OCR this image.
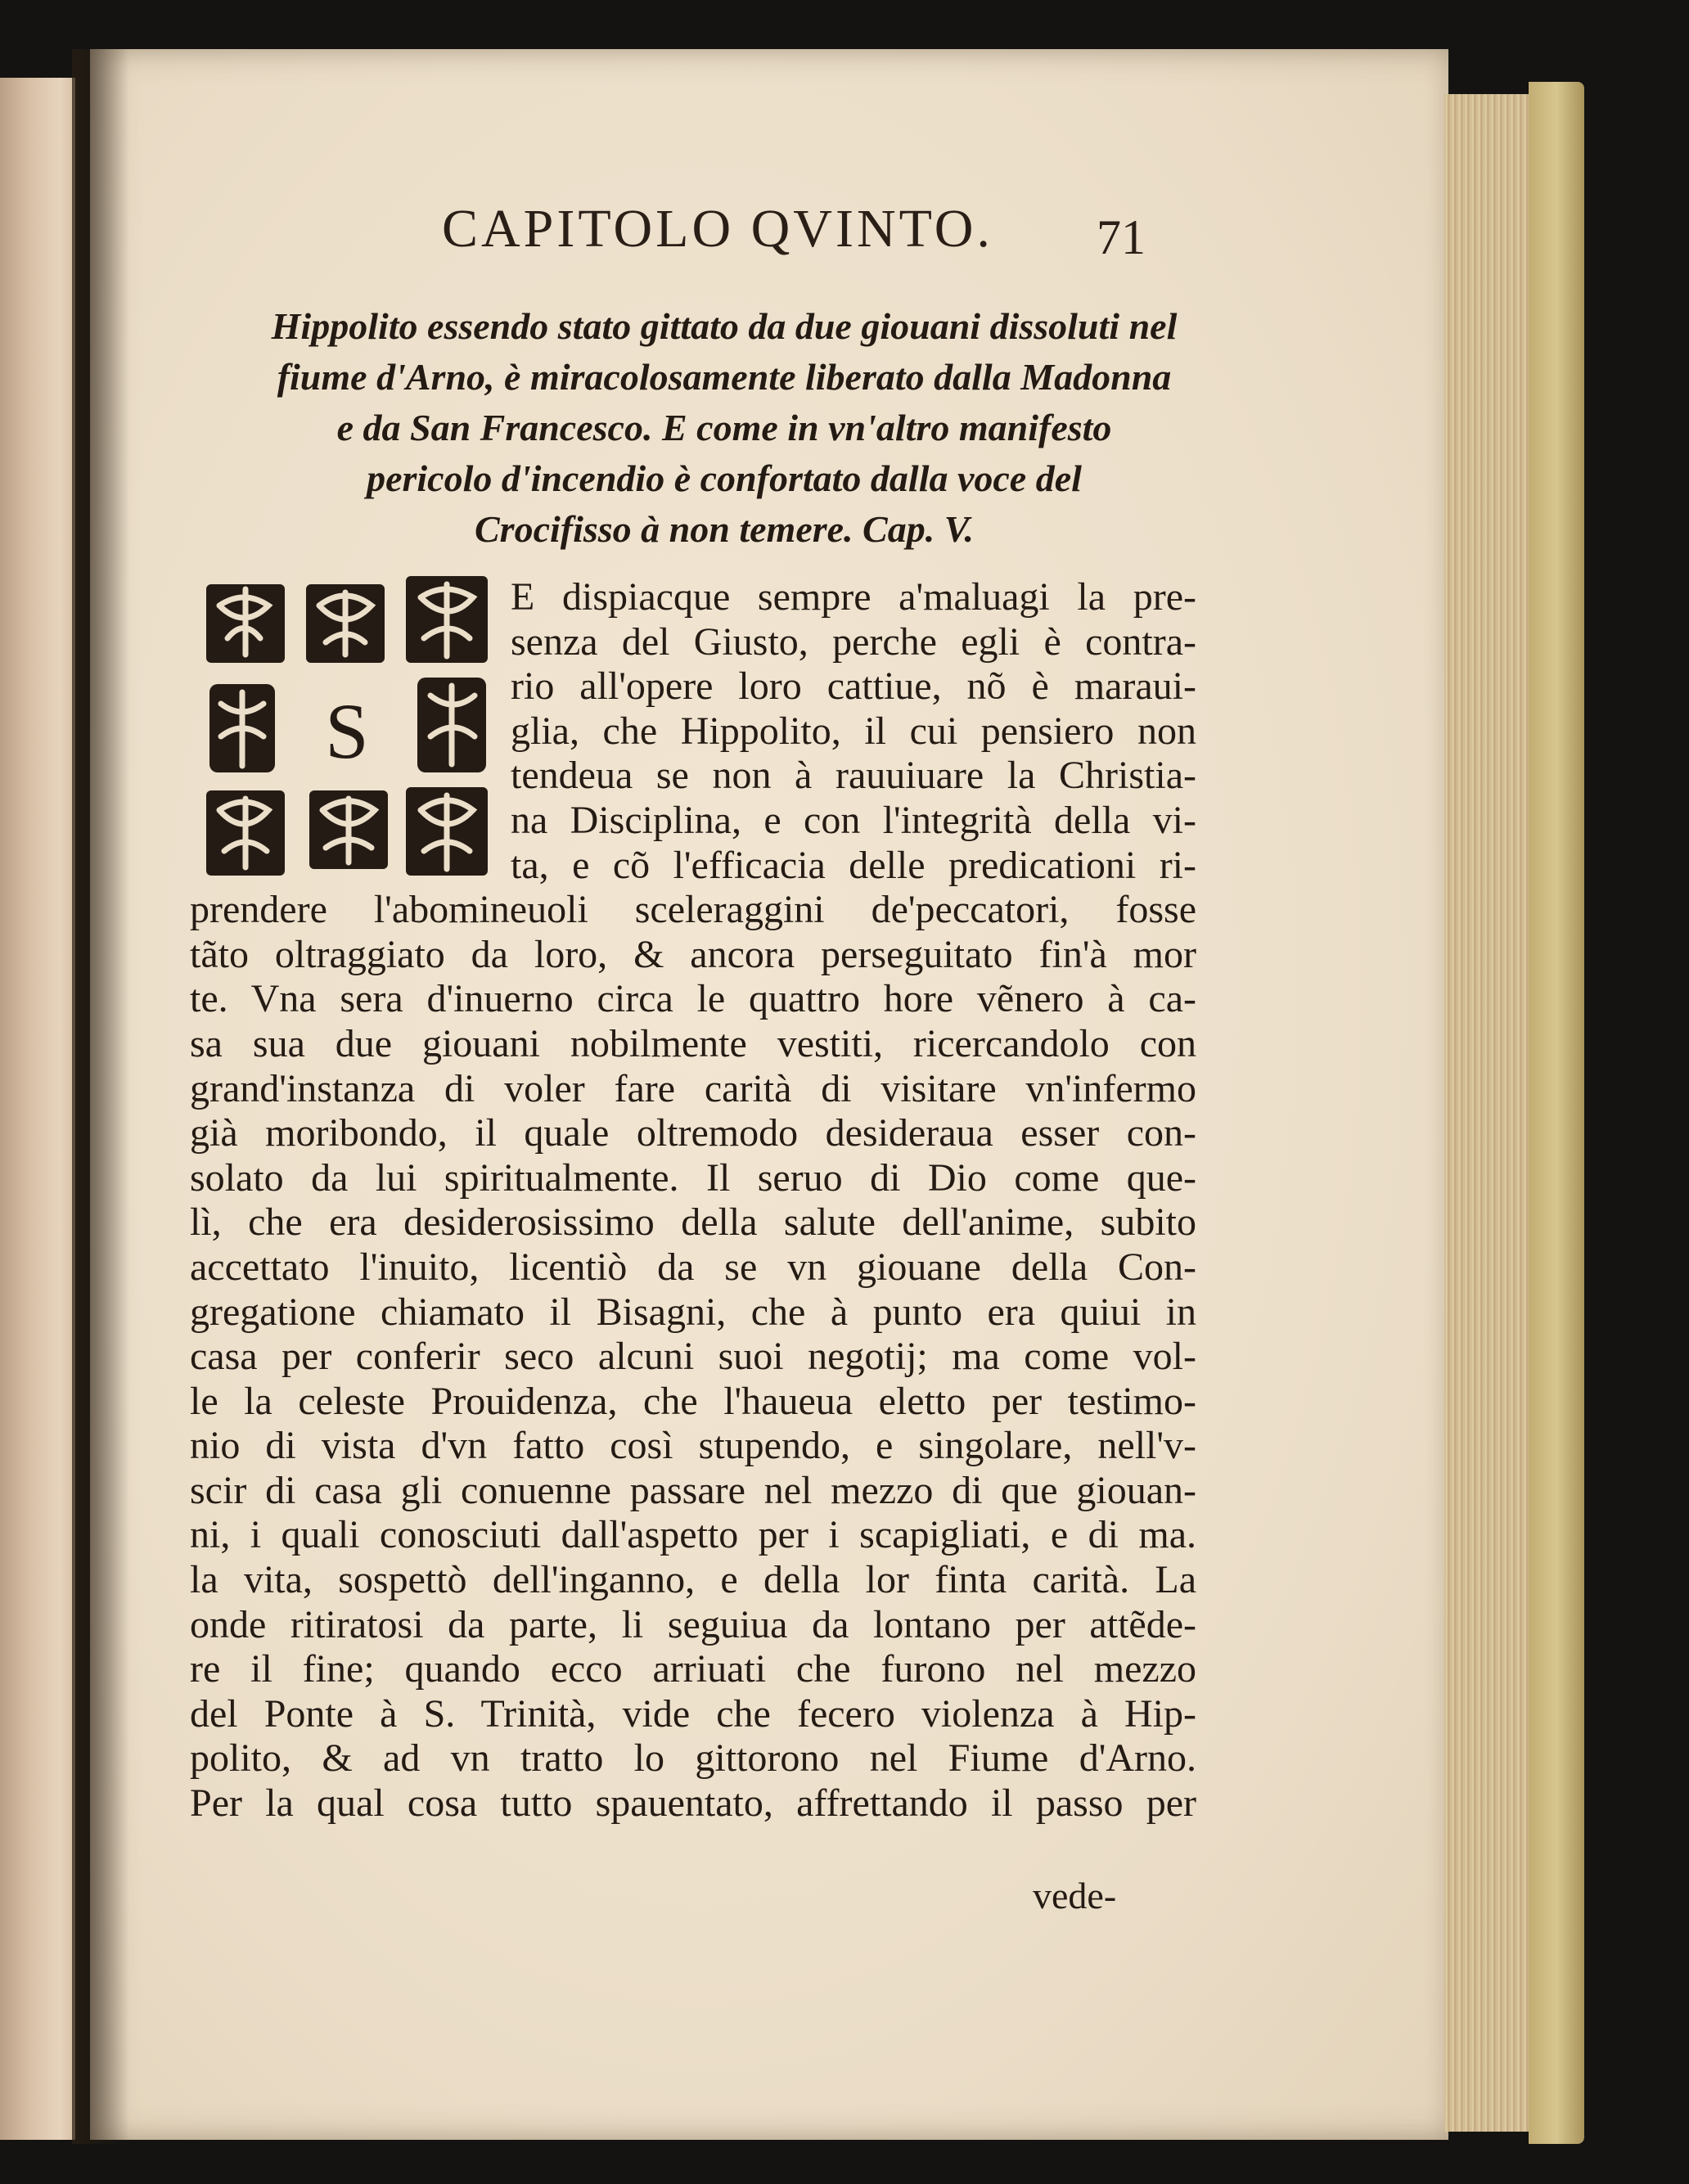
CAPITOLO QVINTO. 71
Hippolito essendo stato gittato da due giouani dissoluti nel
fiume d'Arno, è miracolosamente liberato dalla Madonna
e da San Francesco. E come in vn'altro manifesto
pericolo d'incendio è confortato dalla voce del
Crocifisso à non temere. Cap. V.
S
E dispiacque sempre a'maluagi la pre-
senza del Giusto, perche egli è contra-
rio all'opere loro cattiue, nõ è maraui-
glia, che Hippolito, il cui pensiero non
tendeua se non à rauuiuare la Christia-
na Disciplina, e con l'integrità della vi-
ta, e cõ l'efficacia delle predicationi ri-
prendere l'abomineuoli sceleraggini de'peccatori, fosse
tãto oltraggiato da loro, & ancora perseguitato fin'à mor
te. Vna sera d'inuerno circa le quattro hore vẽnero à ca-
sa sua due giouani nobilmente vestiti, ricercandolo con
grand'instanza di voler fare carità di visitare vn'infermo
già moribondo, il quale oltremodo desideraua esser con-
solato da lui spiritualmente. Il seruo di Dio come que-
lì, che era desiderosissimo della salute dell'anime, subito
accettato l'inuito, licentiò da se vn giouane della Con-
gregatione chiamato il Bisagni, che à punto era quiui in
casa per conferir seco alcuni suoi negotij; ma come vol-
le la celeste Prouidenza, che l'haueua eletto per testimo-
nio di vista d'vn fatto così stupendo, e singolare, nell'v-
scir di casa gli conuenne passare nel mezzo di que giouan-
ni, i quali conosciuti dall'aspetto per i scapigliati, e di ma.
la vita, sospettò dell'inganno, e della lor finta carità. La
onde ritiratosi da parte, li seguiua da lontano per attẽde-
re il fine; quando ecco arriuati che furono nel mezzo
del Ponte à S. Trinità, vide che fecero violenza à Hip-
polito, & ad vn tratto lo gittorono nel Fiume d'Arno.
Per la qual cosa tutto spauentato, affrettando il passo per
vede-
